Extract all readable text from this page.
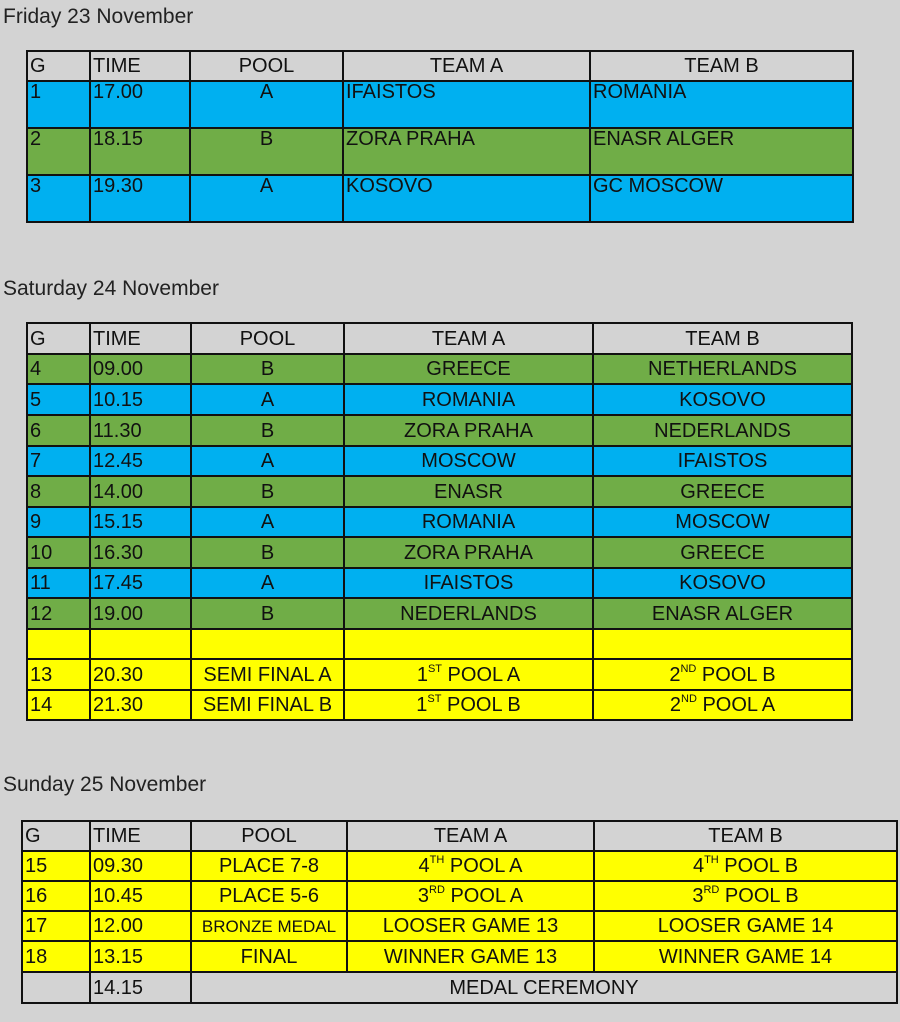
Friday 23 November
G	TIME	POOL	TEAM A	TEAM B
1	17.00	A	IFAISTOS	ROMANIA
2	18.15	B	ZORA PRAHA	ENASR ALGER
3	19.30	A	KOSOVO	GC MOSCOW
Saturday 24 November
G	TIME	POOL	TEAM A	TEAM B
4	09.00	B	GREECE	NETHERLANDS
5	10.15	A	ROMANIA	KOSOVO
6	11.30	B	ZORA PRAHA	NEDERLANDS
7	12.45	A	MOSCOW	IFAISTOS
8	14.00	B	ENASR	GREECE
9	15.15	A	ROMANIA	MOSCOW
10	16.30	B	ZORA PRAHA	GREECE
11	17.45	A	IFAISTOS	KOSOVO
12	19.00	B	NEDERLANDS	ENASR ALGER

13	20.30	SEMI FINAL A	1ST POOL A	2ND POOL B
14	21.30	SEMI FINAL B	1ST POOL B	2ND POOL A
Sunday 25 November
G	TIME	POOL	TEAM A	TEAM B
15	09.30	PLACE 7-8	4TH POOL A	4TH POOL B
16	10.45	PLACE 5-6	3RD POOL A	3RD POOL B
17	12.00	BRONZE MEDAL	LOOSER GAME 13	LOOSER GAME 14
18	13.15	FINAL	WINNER GAME 13	WINNER GAME 14
	14.15	MEDAL CEREMONY		
